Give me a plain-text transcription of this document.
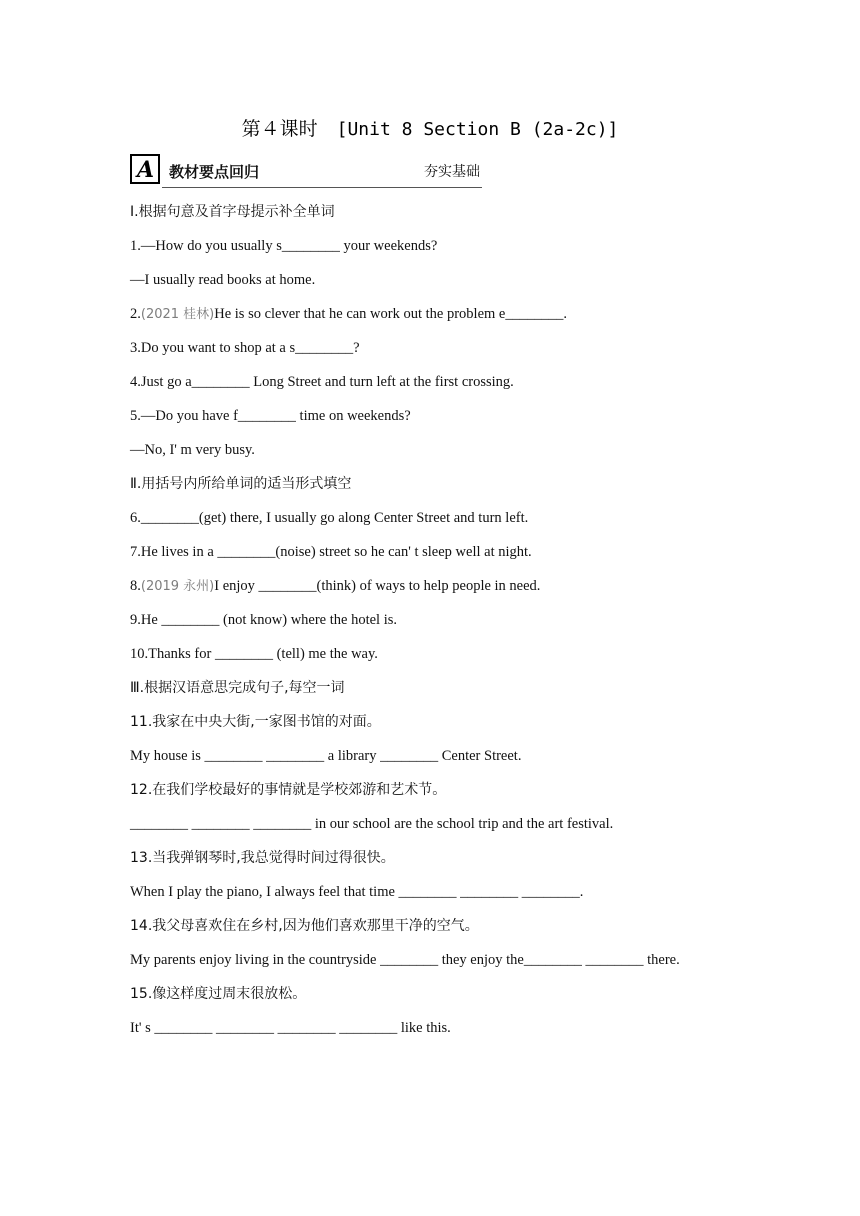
第４课时 [Unit 8 Section B (2a-2c)]
A 教材要点回归	夯实基础
Ⅰ.根据句意及首字母提示补全单词
1.—How do you usually s________ your weekends?
—I usually read books at home.
2.(2021 桂林)He is so clever that he can work out the problem e________.
3.Do you want to shop at a s________?
4.Just go a________ Long Street and turn left at the first crossing.
5.—Do you have f________ time on weekends?
—No, I' m very busy.
Ⅱ.用括号内所给单词的适当形式填空
6.________(get) there, I usually go along Center Street and turn left.
7.He lives in a ________(noise) street so he can' t sleep well at night.
8.(2019 永州)I enjoy ________(think) of ways to help people in need.
9.He ________ (not know) where the hotel is.
10.Thanks for ________ (tell) me the way.
Ⅲ.根据汉语意思完成句子,每空一词
11.我家在中央大街,一家图书馆的对面。
My house is ________ ________ a library ________ Center Street.
12.在我们学校最好的事情就是学校郊游和艺术节。
________ ________ ________ in our school are the school trip and the art festival.
13.当我弹钢琴时,我总觉得时间过得很快。
When I play the piano, I always feel that time ________ ________ ________.
14.我父母喜欢住在乡村,因为他们喜欢那里干净的空气。
My parents enjoy living in the countryside ________ they enjoy the________ ________ there.
15.像这样度过周末很放松。
It' s ________ ________ ________ ________ like this.
